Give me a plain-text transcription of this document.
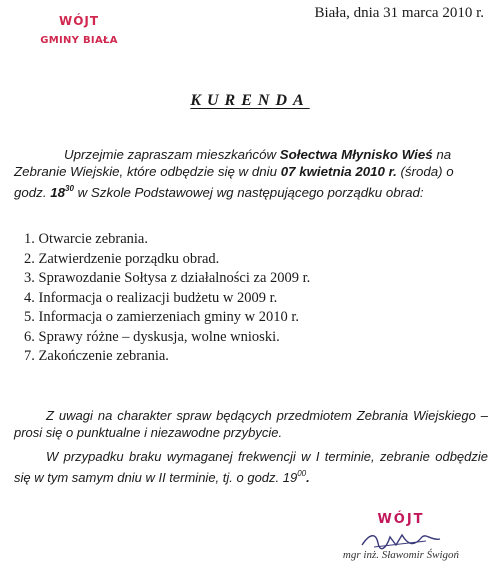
WÓJT
GMINY BIAŁA
Biała, dnia 31 marca 2010 r.
KURENDA
Uprzejmie zapraszam mieszkańców Sołectwa Młynisko Wieś na Zebranie Wiejskie, które odbędzie się w dniu 07 kwietnia 2010 r. (środa) o godz. $18^{30}$ w Szkole Podstawowej wg następującego porządku obrad:
1. Otwarcie zebrania.
2. Zatwierdzenie porządku obrad.
3. Sprawozdanie Sołtysa z działalności za 2009 r.
4. Informacja o realizacji budżetu w 2009 r.
5. Informacja o zamierzeniach gminy w 2010 r.
6. Sprawy różne – dyskusja, wolne wnioski.
7. Zakończenie zebrania.
Z uwagi na charakter spraw będących przedmiotem Zebrania Wiejskiego – prosi się o punktualne i niezawodne przybycie.
W przypadku braku wymaganej frekwencji w I terminie, zebranie odbędzie się w tym samym dniu w II terminie, tj. o godz. $19^{00}$.
WÓJT
mgr inż. Sławomir Świgoń
